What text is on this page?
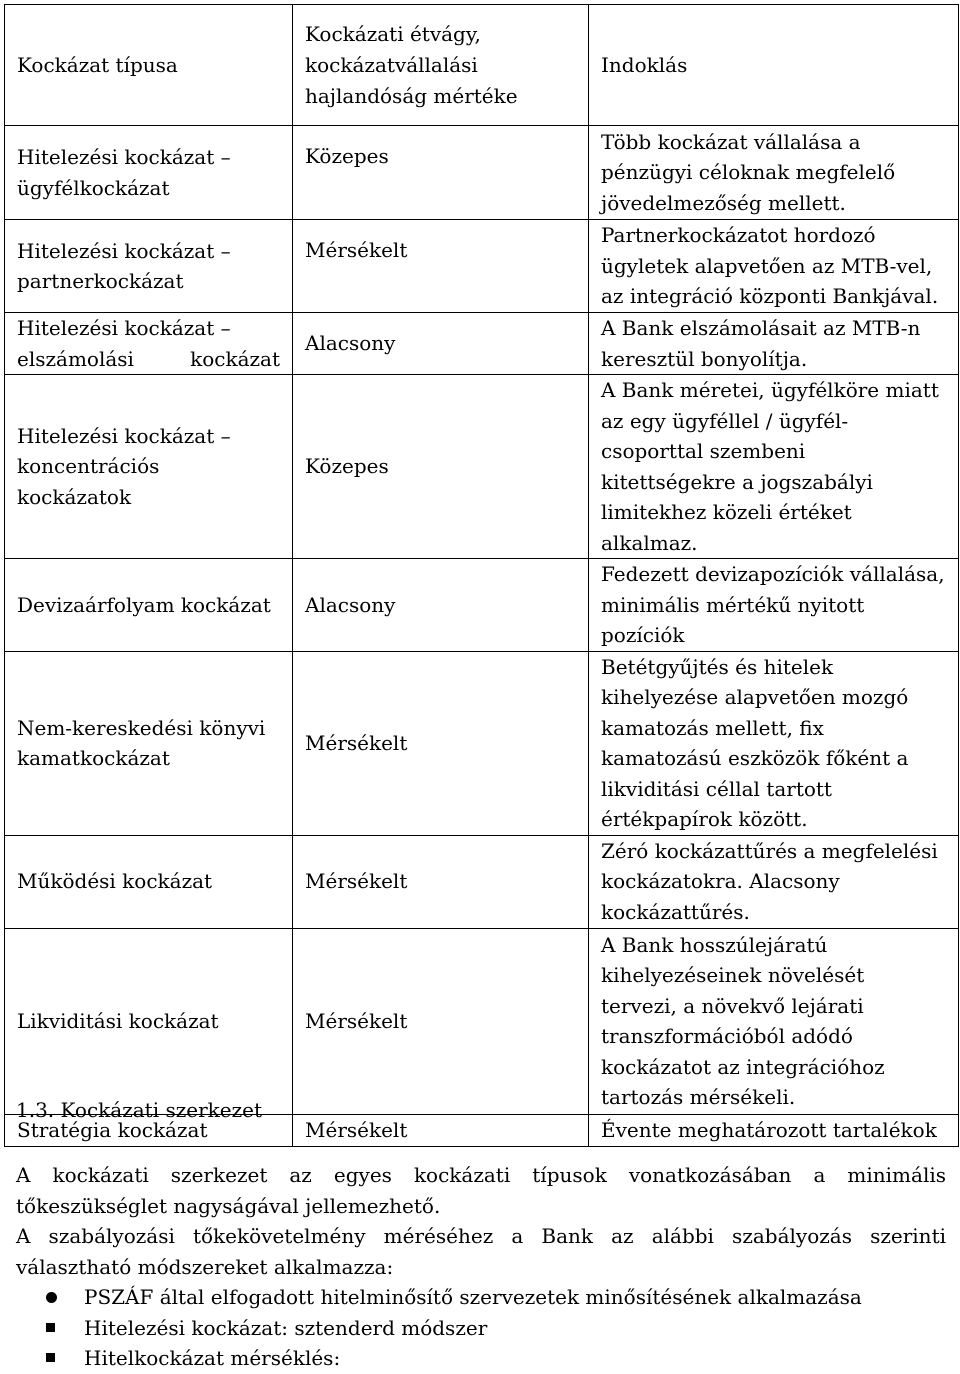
Kockázat típusa	Kockázati étvágy, kockázatvállalási hajlandóság mértéke	Indoklás
Hitelezési kockázat – ügyfélkockázat	Közepes	Több kockázat vállalása a pénzügyi céloknak megfelelő jövedelmezőség mellett.
Hitelezési kockázat – partnerkockázat	Mérsékelt	Partnerkockázatot hordozó ügyletek alapvetően az MTB-vel, az integráció központi Bankjával.
Hitelezési kockázat – elszámolási kockázat	Alacsony	A Bank elszámolásait az MTB-n keresztül bonyolítja.
Hitelezési kockázat – koncentrációs kockázatok	Közepes	A Bank méretei, ügyfélköre miatt az egy ügyféllel / ügyfél-csoporttal szembeni kitettségekre a jogszabályi limitekhez közeli értéket alkalmaz.
Devizaárfolyam kockázat	Alacsony	Fedezett devizapozíciók vállalása, minimális mértékű nyitott pozíciók
Nem-kereskedési könyvi kamatkockázat	Mérsékelt	Betétgyűjtés és hitelek kihelyezése alapvetően mozgó kamatozás mellett, fix kamatozású eszközök főként a likviditási céllal tartott értékpapírok között.
Működési kockázat	Mérsékelt	Zéró kockázattűrés a megfelelési kockázatokra. Alacsony kockázattűrés.
Likviditási kockázat	Mérsékelt	A Bank hosszúlejáratú kihelyezéseinek növelését tervezi, a növekvő lejárati transzformációból adódó kockázatot az integrációhoz tartozás mérsékeli.
Stratégia kockázat	Mérsékelt	Évente meghatározott tartalékok
1.3. Kockázati szerkezet
A kockázati szerkezet az egyes kockázati típusok vonatkozásában a minimális tőkeszükséglet nagyságával jellemezhető.
A szabályozási tőkekövetelmény méréséhez a Bank az alábbi szabályozás szerinti választható módszereket alkalmazza:
PSZÁF által elfogadott hitelminősítő szervezetek minősítésének alkalmazása
Hitelezési kockázat: sztenderd módszer
Hitelkockázat mérséklés:
